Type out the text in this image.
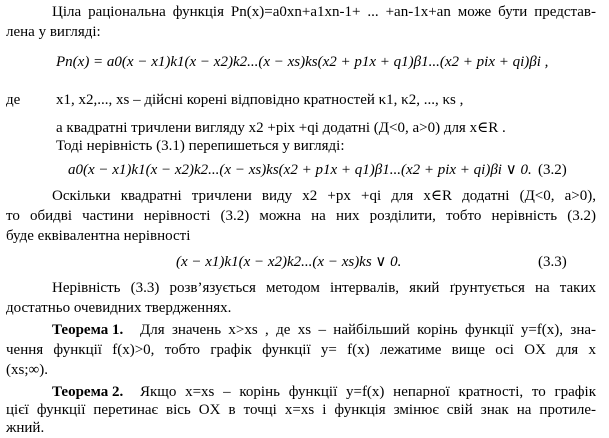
Ціла раціональна функція Pn(x)=a0xn+a1xn-1+ ... +an-1x+an може бути представ-
лена у вигляді:
Pn(x) = a0(x − x1)k1(x − x2)k2...(x − xs)ks(x2 + p1x + q1)β1...(x2 + pix + qi)βi ,
де x1, x2,..., xs – дійсні корені відповідно кратностей κ1, κ2, ..., κs ,
а квадратні тричлени вигляду x2 +pix +qi додатні (Д<0, a>0) для x∈R .
Тоді нерівність (3.1) перепишеться у вигляді:
a0(x − x1)k1(x − x2)k2...(x − xs)ks(x2 + p1x + q1)β1...(x2 + pix + qi)βi ∨ 0. (3.2)
Оскільки квадратні тричлени виду x2 +px +qi для x∈R додатні (Д<0, a>0),
то обидві частини нерівності (3.2) можна на них розділити, тобто нерівність (3.2)
буде еквівалентна нерівності
(x − x1)k1(x − x2)k2...(x − xs)ks ∨ 0.	(3.3)
Нерівність (3.3) розв’язується методом інтервалів, який ґрунтується на таких
достатньо очевидних твердженнях.
Теорема 1. Для значень x>xs , де xs – найбільший корінь функції y=f(x), зна-
чення функції f(x)>0, тобто графік функції y= f(x) лежатиме вище осі OX для x
(xs;∞).
Теорема 2. Якщо x=xs – корінь функції y=f(x) непарної кратності, то графік
цієї функції перетинає вісь OX в точці x=xs і функція змінює свій знак на протиле-
жний.
